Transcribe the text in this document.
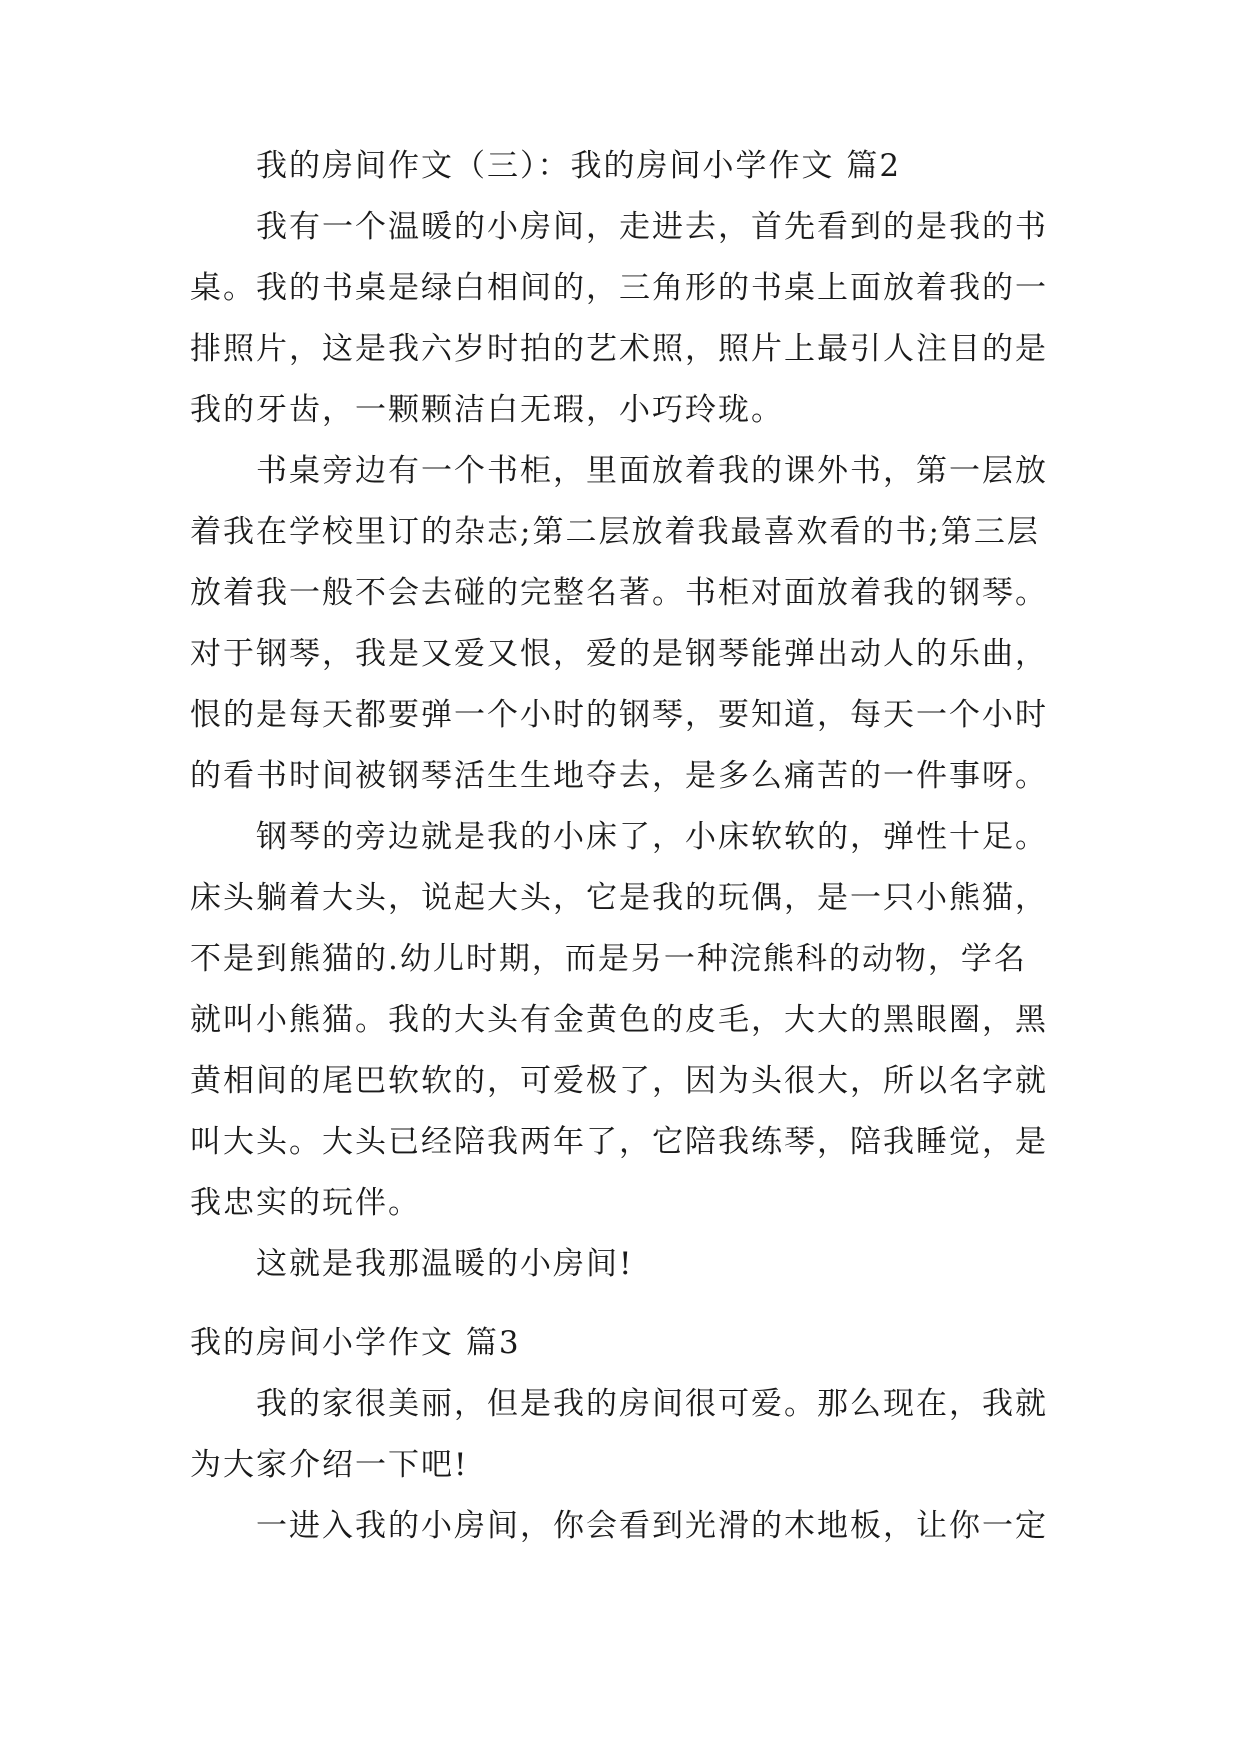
我的房间作文（三）：我的房间小学作文 篇2
我有一个温暖的小房间，走进去，首先看到的是我的书
桌。我的书桌是绿白相间的，三角形的书桌上面放着我的一
排照片，这是我六岁时拍的艺术照，照片上最引人注目的是
我的牙齿，一颗颗洁白无瑕，小巧玲珑。
书桌旁边有一个书柜，里面放着我的课外书，第一层放
着我在学校里订的杂志;第二层放着我最喜欢看的书;第三层
放着我一般不会去碰的完整名著。书柜对面放着我的钢琴。
对于钢琴，我是又爱又恨，爱的是钢琴能弹出动人的乐曲，
恨的是每天都要弹一个小时的钢琴，要知道，每天一个小时
的看书时间被钢琴活生生地夺去，是多么痛苦的一件事呀。
钢琴的旁边就是我的小床了，小床软软的，弹性十足。
床头躺着大头，说起大头，它是我的玩偶，是一只小熊猫，
不是到熊猫的.幼儿时期，而是另一种浣熊科的动物，学名
就叫小熊猫。我的大头有金黄色的皮毛，大大的黑眼圈，黑
黄相间的尾巴软软的，可爱极了，因为头很大，所以名字就
叫大头。大头已经陪我两年了，它陪我练琴，陪我睡觉，是
我忠实的玩伴。
这就是我那温暖的小房间!
我的房间小学作文 篇3
我的家很美丽，但是我的房间很可爱。那么现在，我就
为大家介绍一下吧!
一进入我的小房间，你会看到光滑的木地板，让你一定
